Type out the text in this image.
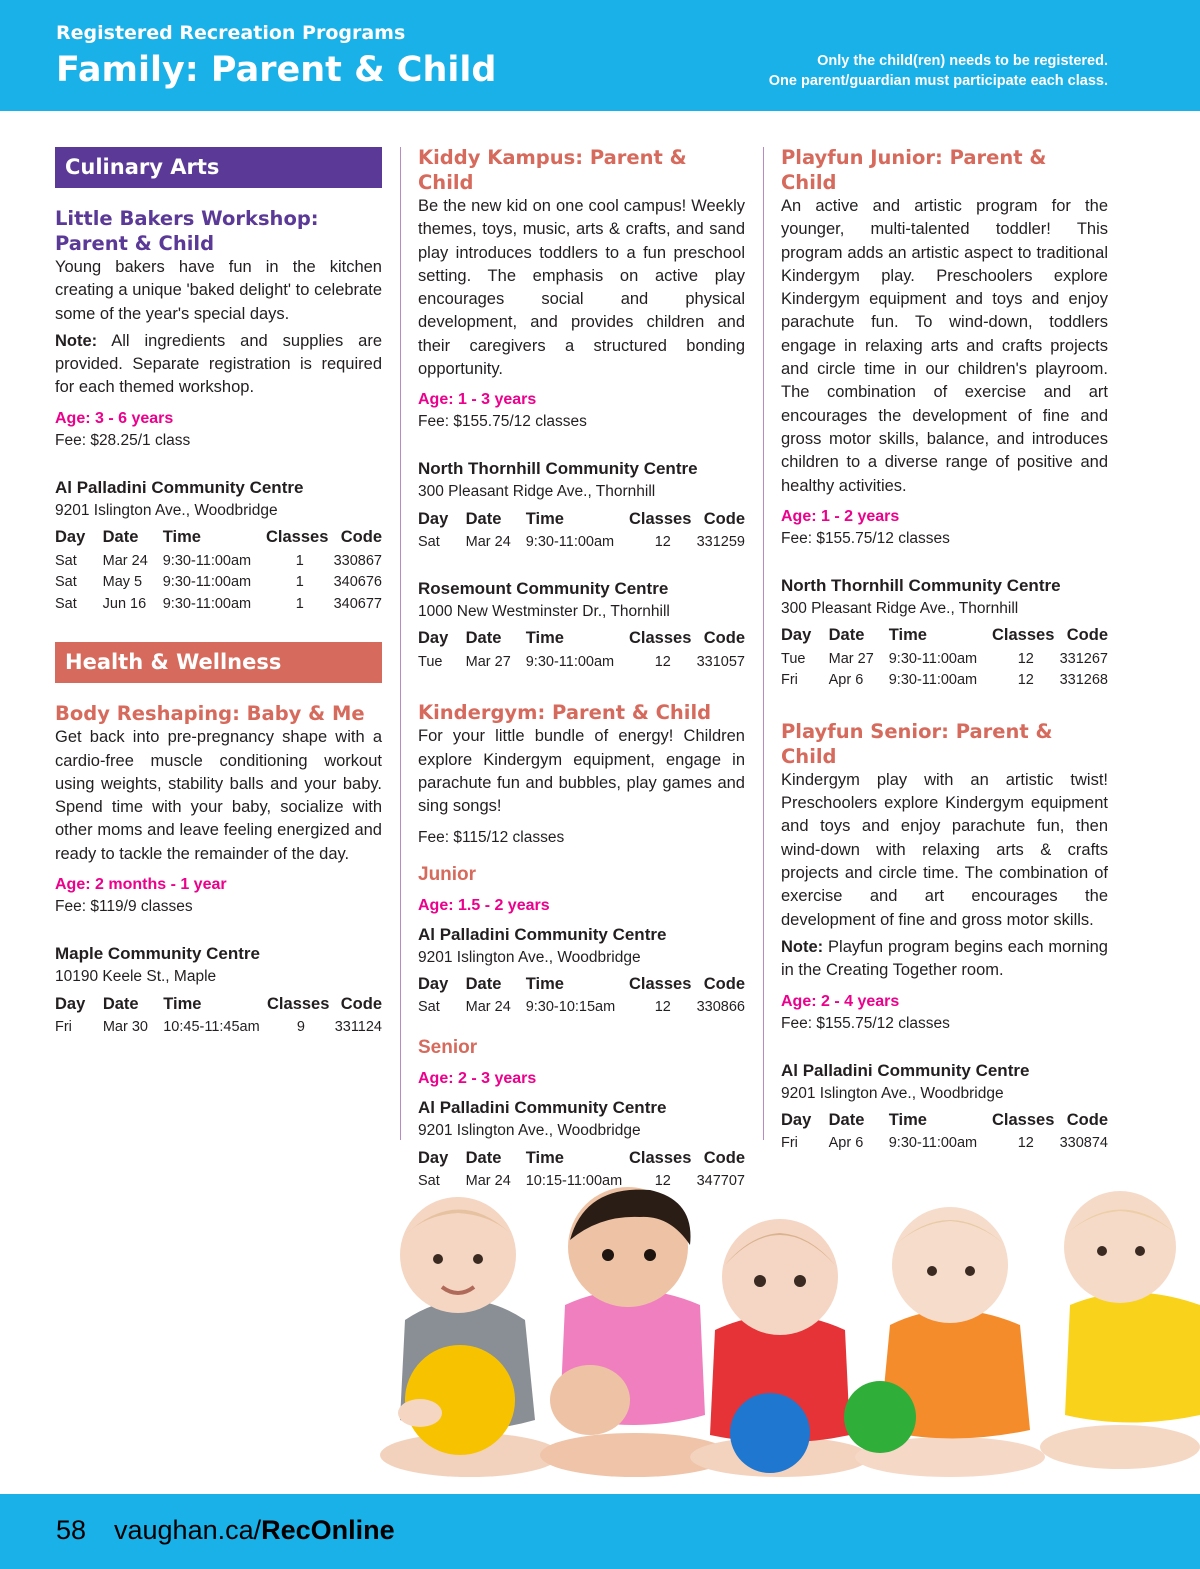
Registered Recreation Programs
Family: Parent & Child	Only the child(ren) needs to be registered.
One parent/guardian must participate each class.
Culinary Arts
Little Bakers Workshop:
Parent & Child
Young bakers have fun in the kitchen creating a unique 'baked delight' to celebrate some of the year's special days.
Note: All ingredients and supplies are provided. Separate registration is required for each themed workshop.
Age: 3 - 6 years
Fee: $28.25/1 class
Al Palladini Community Centre
9201 Islington Ave., Woodbridge
Day	Date	Time	Classes	Code
Sat	Mar 24	9:30-11:00am	1	330867
Sat	May 5	9:30-11:00am	1	340676
Sat	Jun 16	9:30-11:00am	1	340677
Health & Wellness
Body Reshaping: Baby & Me
Get back into pre-pregnancy shape with a cardio-free muscle conditioning workout using weights, stability balls and your baby. Spend time with your baby, socialize with other moms and leave feeling energized and ready to tackle the remainder of the day.
Age: 2 months - 1 year
Fee: $119/9 classes
Maple Community Centre
10190 Keele St., Maple
Day	Date	Time	Classes	Code
Fri	Mar 30	10:45-11:45am	9	331124
Kiddy Kampus: Parent & Child
Be the new kid on one cool campus! Weekly themes, toys, music, arts & crafts, and sand play introduces toddlers to a fun preschool setting. The emphasis on active play encourages social and physical development, and provides children and their caregivers a structured bonding opportunity.
Age: 1 - 3 years
Fee: $155.75/12 classes
North Thornhill Community Centre
300 Pleasant Ridge Ave., Thornhill
Day	Date	Time	Classes	Code
Sat	Mar 24	9:30-11:00am	12	331259
Rosemount Community Centre
1000 New Westminster Dr., Thornhill
Day	Date	Time	Classes	Code
Tue	Mar 27	9:30-11:00am	12	331057
Kindergym: Parent & Child
For your little bundle of energy! Children explore Kindergym equipment, engage in parachute fun and bubbles, play games and sing songs!
Fee: $115/12 classes
Junior
Age: 1.5 - 2 years
Al Palladini Community Centre
9201 Islington Ave., Woodbridge
Day	Date	Time	Classes	Code
Sat	Mar 24	9:30-10:15am	12	330866
Senior
Age: 2 - 3 years
Al Palladini Community Centre
9201 Islington Ave., Woodbridge
Day	Date	Time	Classes	Code
Sat	Mar 24	10:15-11:00am	12	347707
Playfun Junior: Parent & Child
An active and artistic program for the younger, multi-talented toddler! This program adds an artistic aspect to traditional Kindergym play. Preschoolers explore Kindergym equipment and toys and enjoy parachute fun. To wind-down, toddlers engage in relaxing arts and crafts projects and circle time in our children's playroom. The combination of exercise and art encourages the development of fine and gross motor skills, balance, and introduces children to a diverse range of positive and healthy activities.
Age: 1 - 2 years
Fee: $155.75/12 classes
North Thornhill Community Centre
300 Pleasant Ridge Ave., Thornhill
Day	Date	Time	Classes	Code
Tue	Mar 27	9:30-11:00am	12	331267
Fri	Apr 6	9:30-11:00am	12	331268
Playfun Senior: Parent & Child
Kindergym play with an artistic twist! Preschoolers explore Kindergym equipment and toys and enjoy parachute fun, then wind-down with relaxing arts & crafts projects and circle time. The combination of exercise and art encourages the development of fine and gross motor skills.
Note: Playfun program begins each morning in the Creating Together room.
Age: 2 - 4 years
Fee: $155.75/12 classes
Al Palladini Community Centre
9201 Islington Ave., Woodbridge
Day	Date	Time	Classes	Code
Fri	Apr 6	9:30-11:00am	12	330874
58 vaughan.ca/RecOnline
